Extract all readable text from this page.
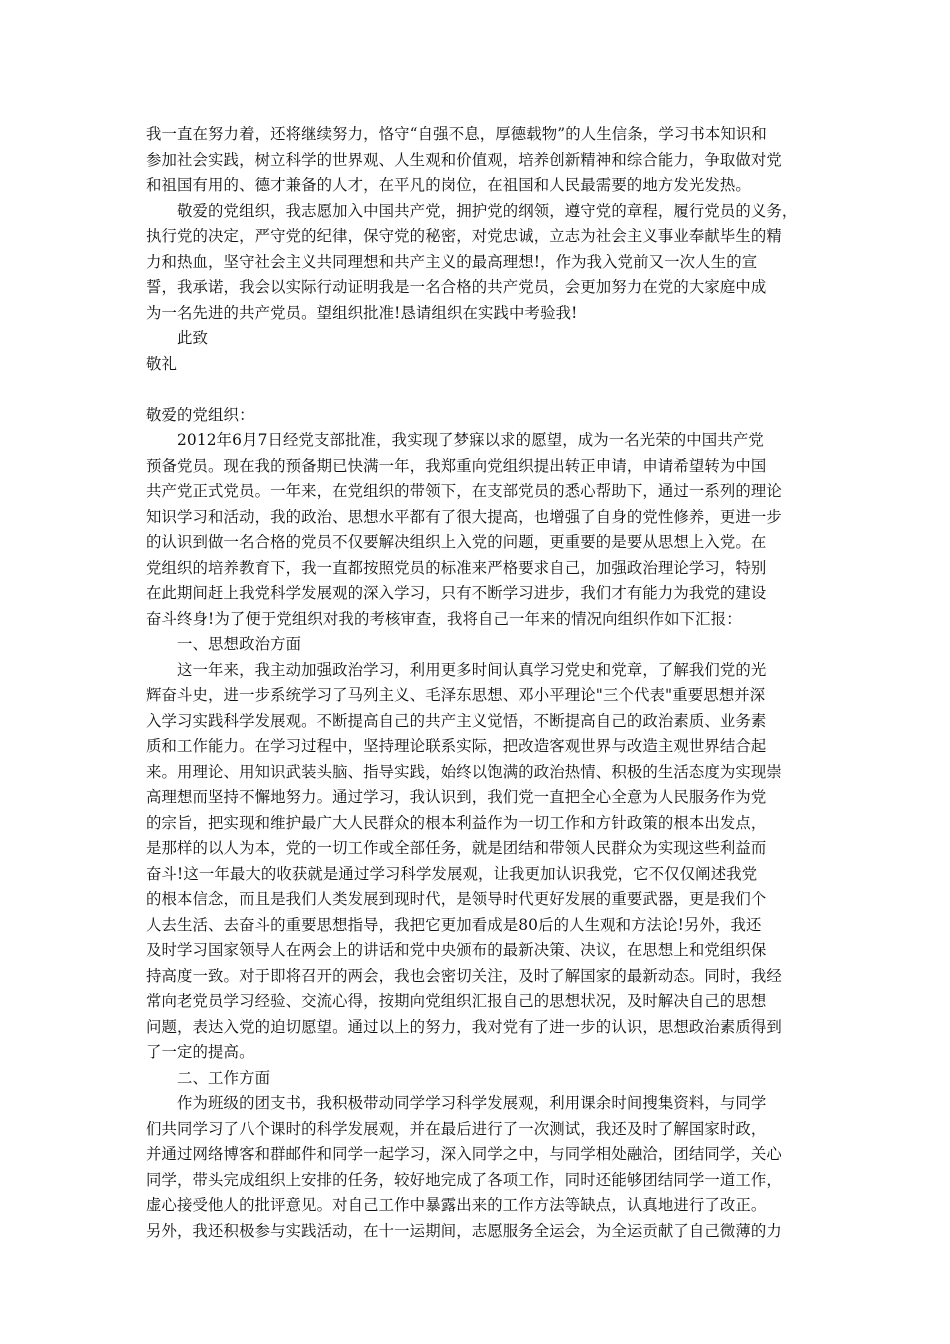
我一直在努力着，还将继续努力，恪守“自强不息，厚德载物”的人生信条，学习书本知识和
参加社会实践，树立科学的世界观、人生观和价值观，培养创新精神和综合能力，争取做对党
和祖国有用的、德才兼备的人才，在平凡的岗位，在祖国和人民最需要的地方发光发热。
　　敬爱的党组织，我志愿加入中国共产党，拥护党的纲领，遵守党的章程，履行党员的义务，
执行党的决定，严守党的纪律，保守党的秘密，对党忠诚，立志为社会主义事业奉献毕生的精
力和热血，坚守社会主义共同理想和共产主义的最高理想!，作为我入党前又一次人生的宣
誓，我承诺，我会以实际行动证明我是一名合格的共产党员，会更加努力在党的大家庭中成
为一名先进的共产党员。望组织批准!恳请组织在实践中考验我!
　　此致
敬礼
敬爱的党组织：
　　2012年6月7日经党支部批准，我实现了梦寐以求的愿望，成为一名光荣的中国共产党
预备党员。现在我的预备期已快满一年，我郑重向党组织提出转正申请，申请希望转为中国
共产党正式党员。一年来，在党组织的带领下，在支部党员的悉心帮助下，通过一系列的理论
知识学习和活动，我的政治、思想水平都有了很大提高，也增强了自身的党性修养，更进一步
的认识到做一名合格的党员不仅要解决组织上入党的问题，更重要的是要从思想上入党。在
党组织的培养教育下，我一直都按照党员的标准来严格要求自己，加强政治理论学习，特别
在此期间赶上我党科学发展观的深入学习，只有不断学习进步，我们才有能力为我党的建设
奋斗终身!为了便于党组织对我的考核审查，我将自己一年来的情况向组织作如下汇报：
　　一、思想政治方面
　　这一年来，我主动加强政治学习，利用更多时间认真学习党史和党章，了解我们党的光
辉奋斗史，进一步系统学习了马列主义、毛泽东思想、邓小平理论"三个代表"重要思想并深
入学习实践科学发展观。不断提高自己的共产主义觉悟，不断提高自己的政治素质、业务素
质和工作能力。在学习过程中，坚持理论联系实际，把改造客观世界与改造主观世界结合起
来。用理论、用知识武装头脑、指导实践，始终以饱满的政治热情、积极的生活态度为实现崇
高理想而坚持不懈地努力。通过学习，我认识到，我们党一直把全心全意为人民服务作为党
的宗旨，把实现和维护最广大人民群众的根本利益作为一切工作和方针政策的根本出发点，
是那样的以人为本，党的一切工作或全部任务，就是团结和带领人民群众为实现这些利益而
奋斗!这一年最大的收获就是通过学习科学发展观，让我更加认识我党，它不仅仅阐述我党
的根本信念，而且是我们人类发展到现时代，是领导时代更好发展的重要武器，更是我们个
人去生活、去奋斗的重要思想指导，我把它更加看成是80后的人生观和方法论!另外，我还
及时学习国家领导人在两会上的讲话和党中央颁布的最新决策、决议，在思想上和党组织保
持高度一致。对于即将召开的两会，我也会密切关注，及时了解国家的最新动态。同时，我经
常向老党员学习经验、交流心得，按期向党组织汇报自己的思想状况，及时解决自己的思想
问题，表达入党的迫切愿望。通过以上的努力，我对党有了进一步的认识，思想政治素质得到
了一定的提高。
　　二、工作方面
　　作为班级的团支书，我积极带动同学学习科学发展观，利用课余时间搜集资料，与同学
们共同学习了八个课时的科学发展观，并在最后进行了一次测试，我还及时了解国家时政，
并通过网络博客和群邮件和同学一起学习，深入同学之中，与同学相处融洽，团结同学，关心
同学，带头完成组织上安排的任务，较好地完成了各项工作，同时还能够团结同学一道工作，
虚心接受他人的批评意见。对自己工作中暴露出来的工作方法等缺点，认真地进行了改正。
另外，我还积极参与实践活动，在十一运期间，志愿服务全运会，为全运贡献了自己微薄的力
